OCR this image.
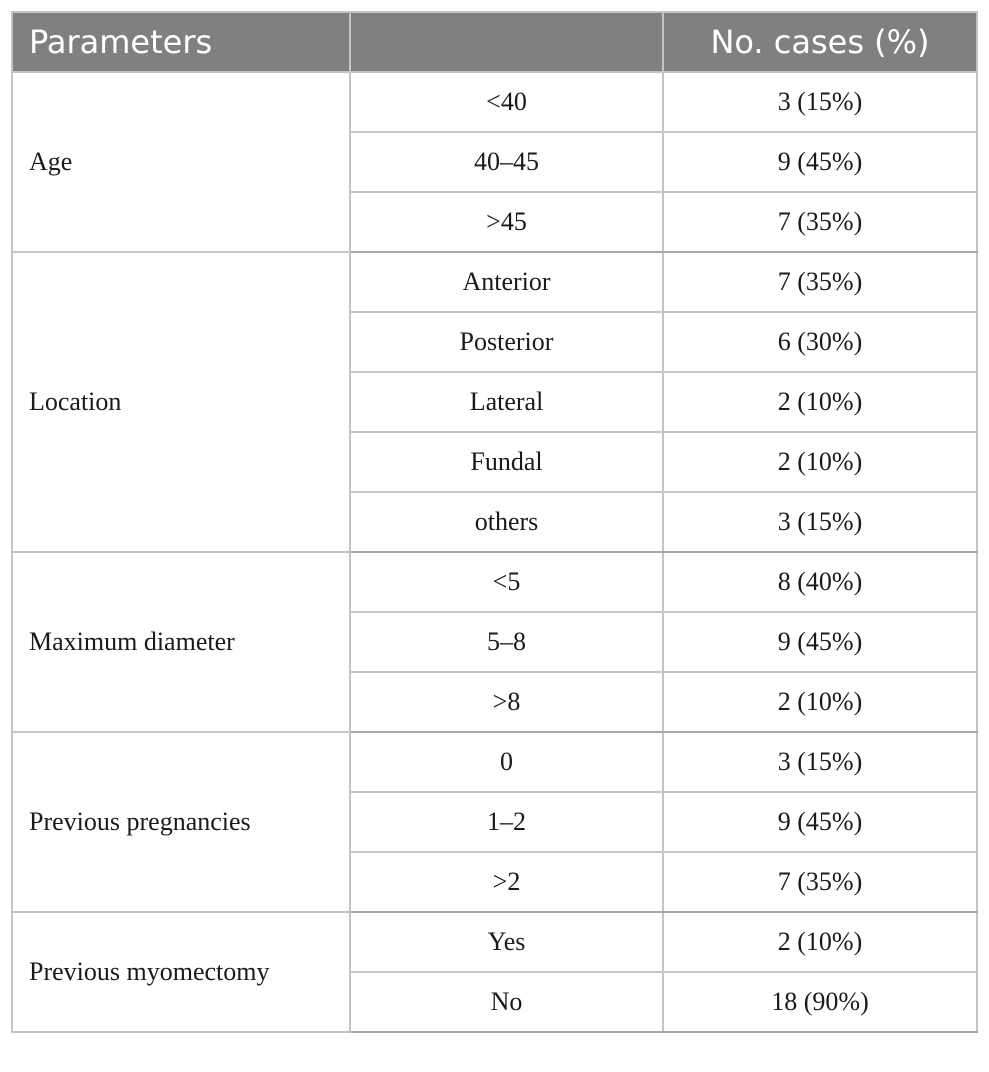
Parameters		No. cases (%)
Age	<40	3 (15%)
	40–45	9 (45%)
	>45	7 (35%)
Location	Anterior	7 (35%)
	Posterior	6 (30%)
	Lateral	2 (10%)
	Fundal	2 (10%)
	others	3 (15%)
Maximum diameter	<5	8 (40%)
	5–8	9 (45%)
	>8	2 (10%)
Previous pregnancies	0	3 (15%)
	1–2	9 (45%)
	>2	7 (35%)
Previous myomectomy	Yes	2 (10%)
	No	18 (90%)
